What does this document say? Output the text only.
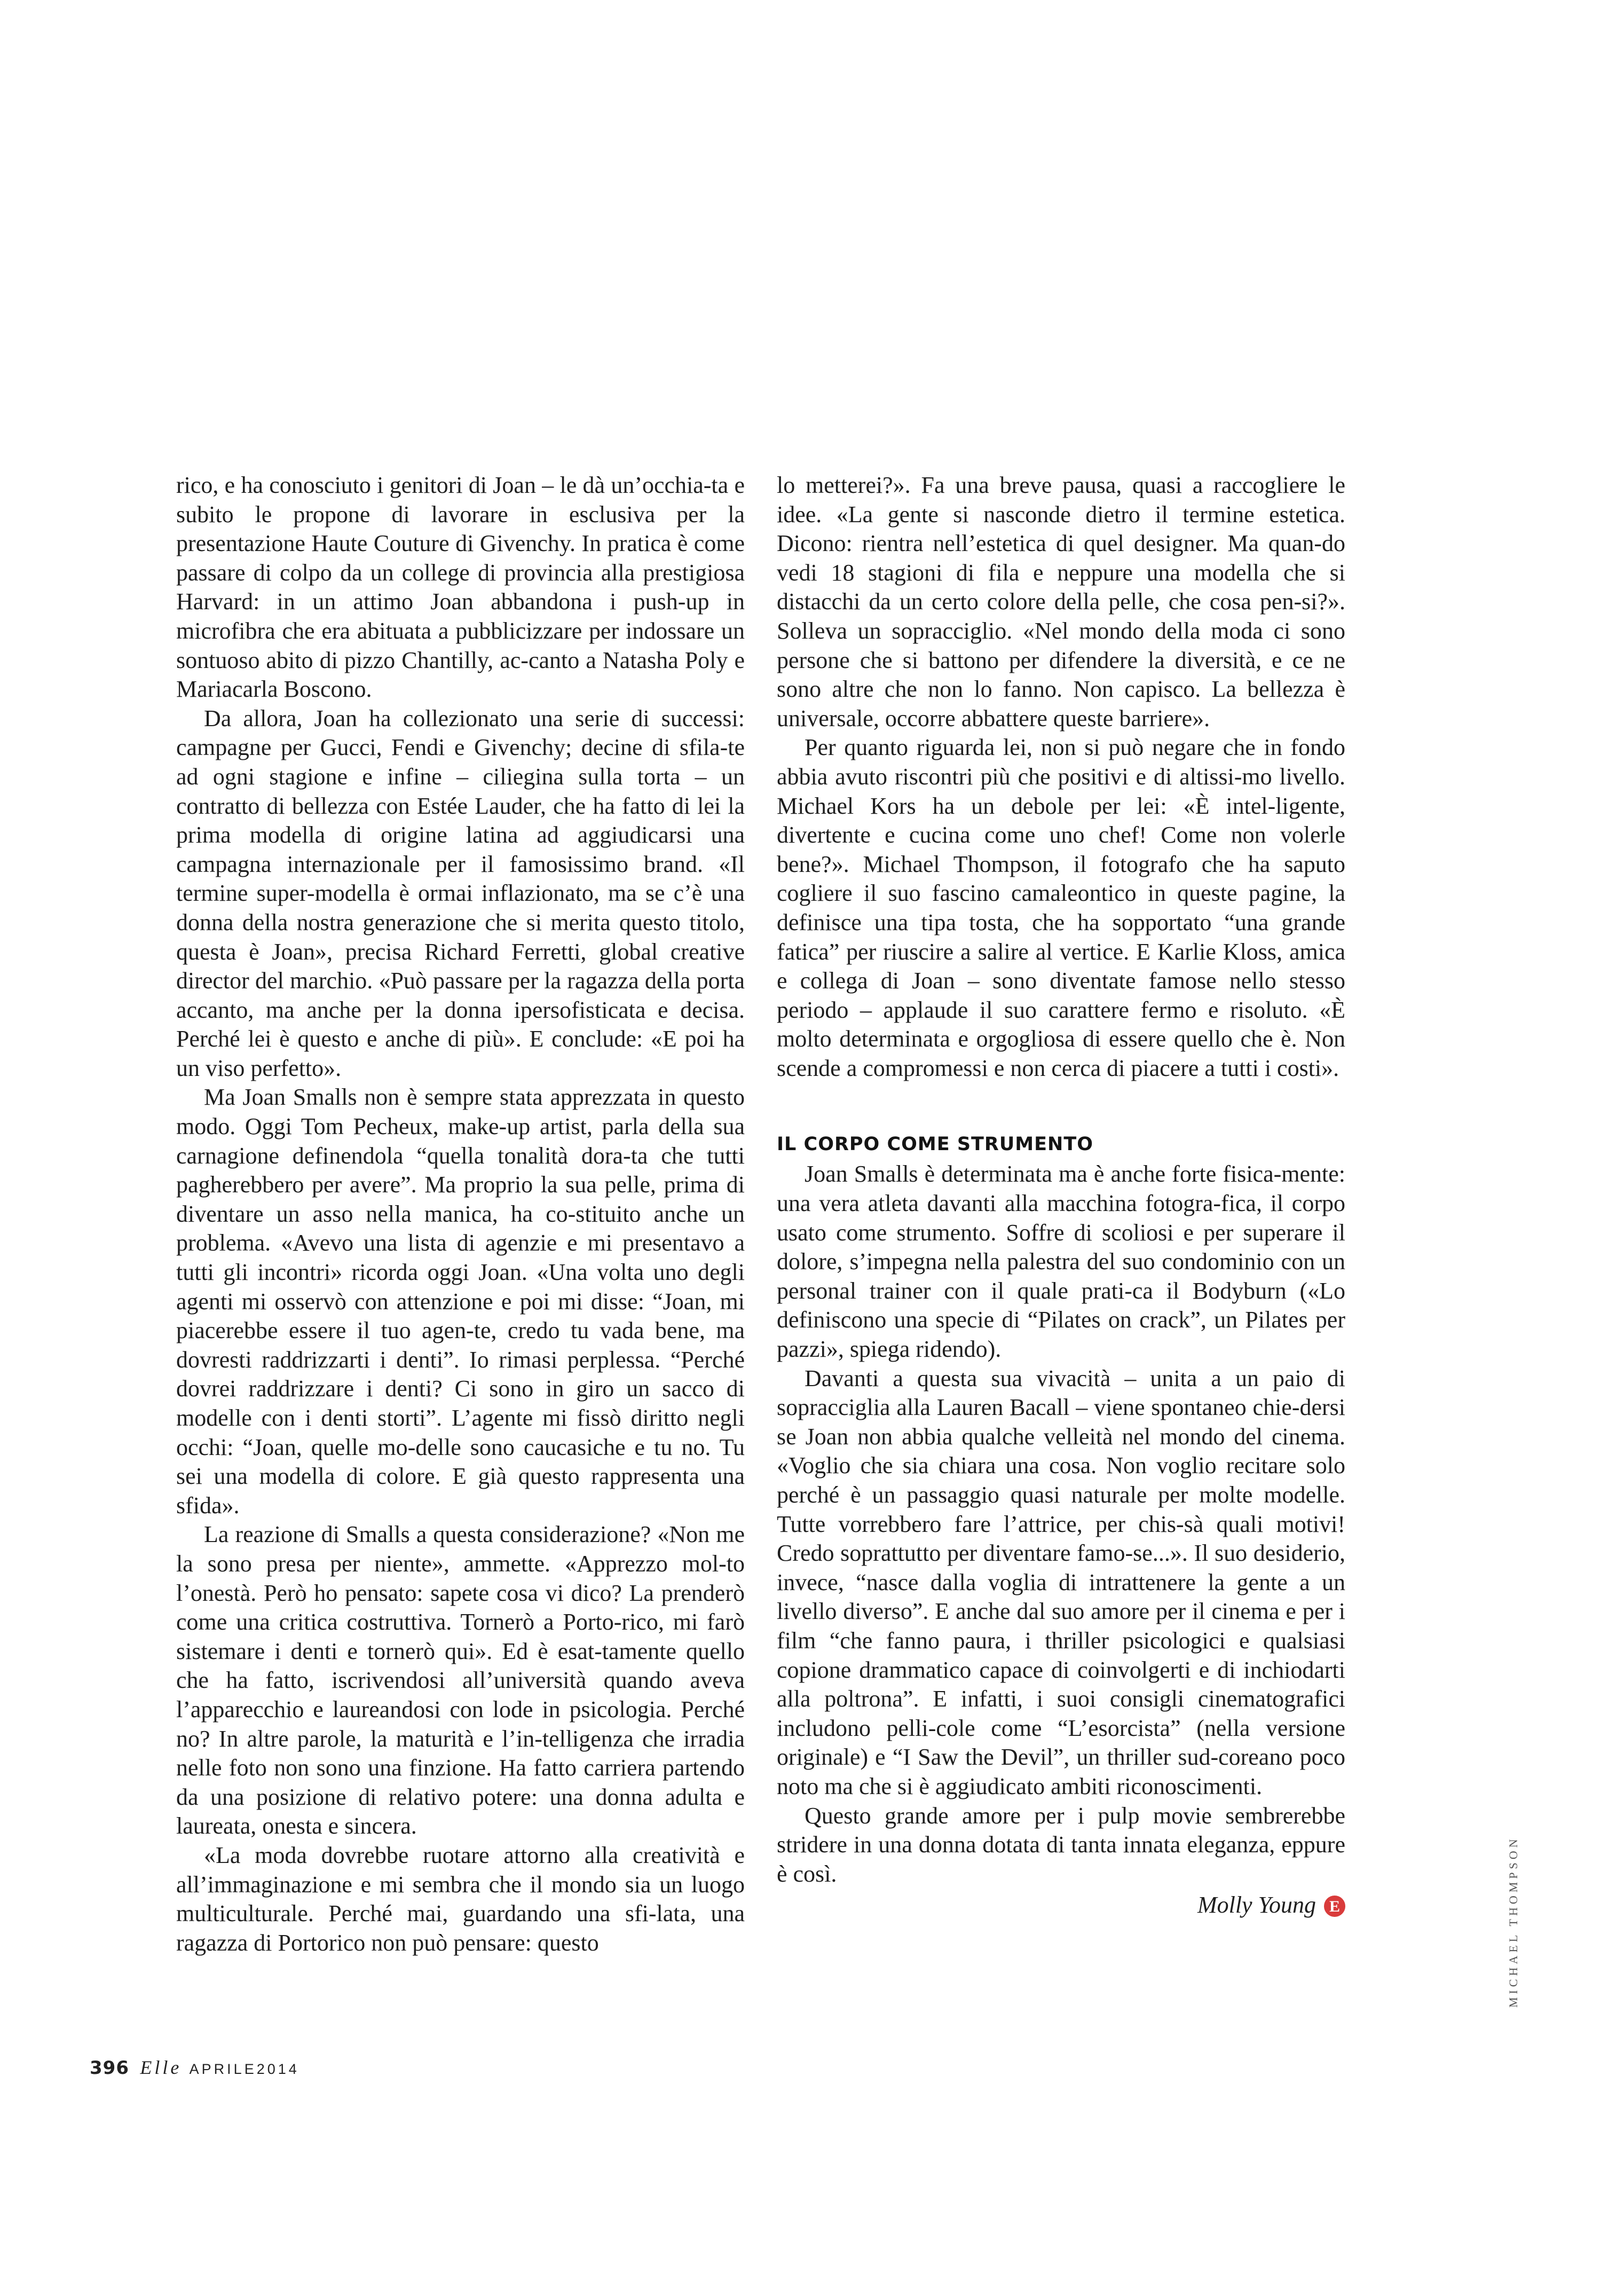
rico, e ha conosciuto i genitori di Joan – le dà un’occhia-ta e subito le propone di lavorare in esclusiva per la presentazione Haute Couture di Givenchy. In pratica è come passare di colpo da un college di provincia alla prestigiosa Harvard: in un attimo Joan abbandona i push-up in microfibra che era abituata a pubblicizzare per indossare un sontuoso abito di pizzo Chantilly, ac-canto a Natasha Poly e Mariacarla Boscono.

Da allora, Joan ha collezionato una serie di successi: campagne per Gucci, Fendi e Givenchy; decine di sfila-te ad ogni stagione e infine – ciliegina sulla torta – un contratto di bellezza con Estée Lauder, che ha fatto di lei la prima modella di origine latina ad aggiudicarsi una campagna internazionale per il famosissimo brand. «Il termine super-modella è ormai inflazionato, ma se c’è una donna della nostra generazione che si merita questo titolo, questa è Joan», precisa Richard Ferretti, global creative director del marchio. «Può passare per la ragazza della porta accanto, ma anche per la donna ipersofisticata e decisa. Perché lei è questo e anche di più». E conclude: «E poi ha un viso perfetto».

Ma Joan Smalls non è sempre stata apprezzata in questo modo. Oggi Tom Pecheux, make-up artist, parla della sua carnagione definendola “quella tonalità dora-ta che tutti pagherebbero per avere”. Ma proprio la sua pelle, prima di diventare un asso nella manica, ha co-stituito anche un problema. «Avevo una lista di agenzie e mi presentavo a tutti gli incontri» ricorda oggi Joan. «Una volta uno degli agenti mi osservò con attenzione e poi mi disse: “Joan, mi piacerebbe essere il tuo agen-te, credo tu vada bene, ma dovresti raddrizzarti i denti”. Io rimasi perplessa. “Perché dovrei raddrizzare i denti? Ci sono in giro un sacco di modelle con i denti storti”. L’agente mi fissò diritto negli occhi: “Joan, quelle mo-delle sono caucasiche e tu no. Tu sei una modella di colore. E già questo rappresenta una sfida».

La reazione di Smalls a questa considerazione? «Non me la sono presa per niente», ammette. «Apprezzo mol-to l’onestà. Però ho pensato: sapete cosa vi dico? La prenderò come una critica costruttiva. Tornerò a Porto-rico, mi farò sistemare i denti e tornerò qui». Ed è esat-tamente quello che ha fatto, iscrivendosi all’università quando aveva l’apparecchio e laureandosi con lode in psicologia. Perché no? In altre parole, la maturità e l’in-telligenza che irradia nelle foto non sono una finzione. Ha fatto carriera partendo da una posizione di relativo potere: una donna adulta e laureata, onesta e sincera.

«La moda dovrebbe ruotare attorno alla creatività e all’immaginazione e mi sembra che il mondo sia un luogo multiculturale. Perché mai, guardando una sfi-lata, una ragazza di Portorico non può pensare: questo

lo metterei?». Fa una breve pausa, quasi a raccogliere le idee. «La gente si nasconde dietro il termine estetica. Dicono: rientra nell’estetica di quel designer. Ma quan-do vedi 18 stagioni di fila e neppure una modella che si distacchi da un certo colore della pelle, che cosa pen-si?». Solleva un sopracciglio. «Nel mondo della moda ci sono persone che si battono per difendere la diversità, e ce ne sono altre che non lo fanno. Non capisco. La bellezza è universale, occorre abbattere queste barriere».

Per quanto riguarda lei, non si può negare che in fondo abbia avuto riscontri più che positivi e di altissi-mo livello. Michael Kors ha un debole per lei: «È intel-ligente, divertente e cucina come uno chef! Come non volerle bene?». Michael Thompson, il fotografo che ha saputo cogliere il suo fascino camaleontico in queste pagine, la definisce una tipa tosta, che ha sopportato “una grande fatica” per riuscire a salire al vertice. E Karlie Kloss, amica e collega di Joan – sono diventate famose nello stesso periodo – applaude il suo carattere fermo e risoluto. «È molto determinata e orgogliosa di essere quello che è. Non scende a compromessi e non cerca di piacere a tutti i costi».

IL CORPO COME STRUMENTO

Joan Smalls è determinata ma è anche forte fisica-mente: una vera atleta davanti alla macchina fotogra-fica, il corpo usato come strumento. Soffre di scoliosi e per superare il dolore, s’impegna nella palestra del suo condominio con un personal trainer con il quale prati-ca il Bodyburn («Lo definiscono una specie di “Pilates on crack”, un Pilates per pazzi», spiega ridendo).

Davanti a questa sua vivacità – unita a un paio di sopracciglia alla Lauren Bacall – viene spontaneo chie-dersi se Joan non abbia qualche velleità nel mondo del cinema. «Voglio che sia chiara una cosa. Non voglio recitare solo perché è un passaggio quasi naturale per molte modelle. Tutte vorrebbero fare l’attrice, per chis-sà quali motivi! Credo soprattutto per diventare famo-se...». Il suo desiderio, invece, “nasce dalla voglia di intrattenere la gente a un livello diverso”. E anche dal suo amore per il cinema e per i film “che fanno paura, i thriller psicologici e qualsiasi copione drammatico capace di coinvolgerti e di inchiodarti alla poltrona”. E infatti, i suoi consigli cinematografici includono pelli-cole come “L’esorcista” (nella versione originale) e “I Saw the Devil”, un thriller sud-coreano poco noto ma che si è aggiudicato ambiti riconoscimenti.

Questo grande amore per i pulp movie sembrerebbe stridere in una donna dotata di tanta innata eleganza, eppure è così.

Molly Young E
396 Elle APRILE2014
MICHAEL THOMPSON
